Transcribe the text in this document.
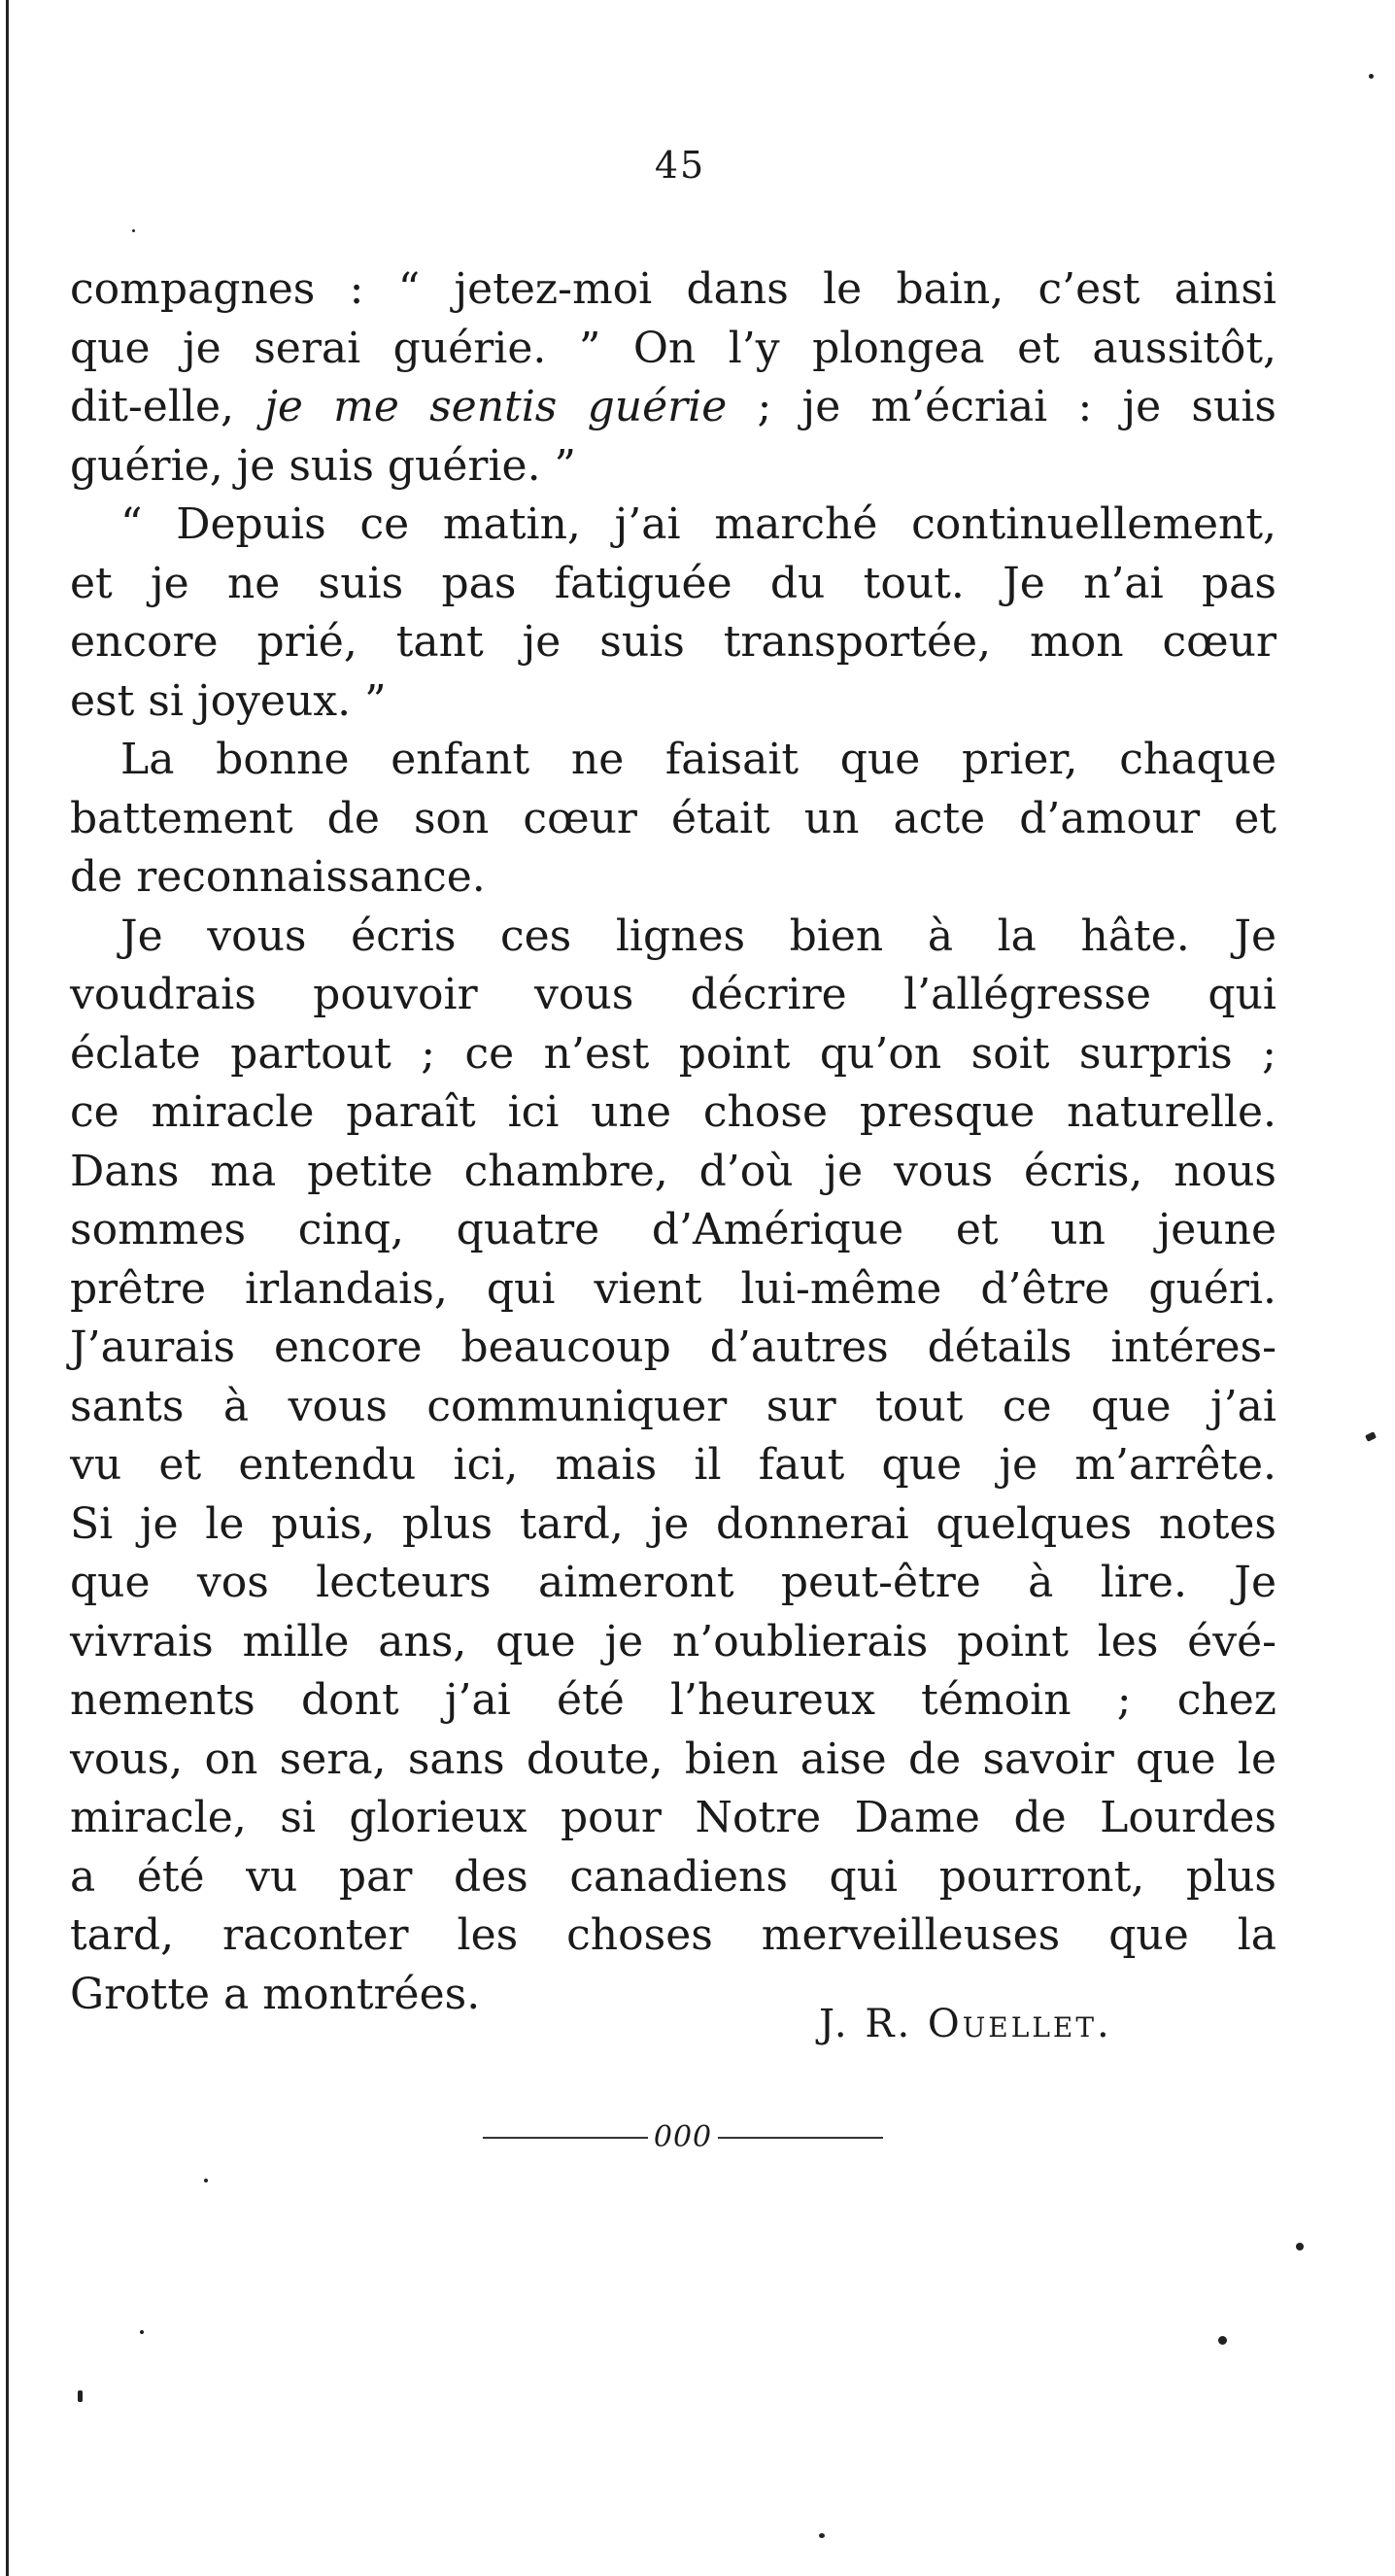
45
compagnes : “ jetez-moi dans le bain, c’est ainsi
que je serai guérie. ” On l’y plongea et aussitôt,
dit-elle, je me sentis guérie ; je m’écriai : je suis
guérie, je suis guérie. ”
“ Depuis ce matin, j’ai marché continuellement,
et je ne suis pas fatiguée du tout. Je n’ai pas
encore prié, tant je suis transportée, mon cœur
est si joyeux. ”
La bonne enfant ne faisait que prier, chaque
battement de son cœur était un acte d’amour et
de reconnaissance.
Je vous écris ces lignes bien à la hâte. Je
voudrais pouvoir vous décrire l’allégresse qui
éclate partout ; ce n’est point qu’on soit surpris ;
ce miracle paraît ici une chose presque naturelle.
Dans ma petite chambre, d’où je vous écris, nous
sommes cinq, quatre d’Amérique et un jeune
prêtre irlandais, qui vient lui-même d’être guéri.
J’aurais encore beaucoup d’autres détails intéres-
sants à vous communiquer sur tout ce que j’ai
vu et entendu ici, mais il faut que je m’arrête.
Si je le puis, plus tard, je donnerai quelques notes
que vos lecteurs aimeront peut-être à lire. Je
vivrais mille ans, que je n’oublierais point les évé-
nements dont j’ai été l’heureux témoin ; chez
vous, on sera, sans doute, bien aise de savoir que le
miracle, si glorieux pour Notre Dame de Lourdes
a été vu par des canadiens qui pourront, plus
tard, raconter les choses merveilleuses que la
Grotte a montrées.
J. R. Ouellet.
000
